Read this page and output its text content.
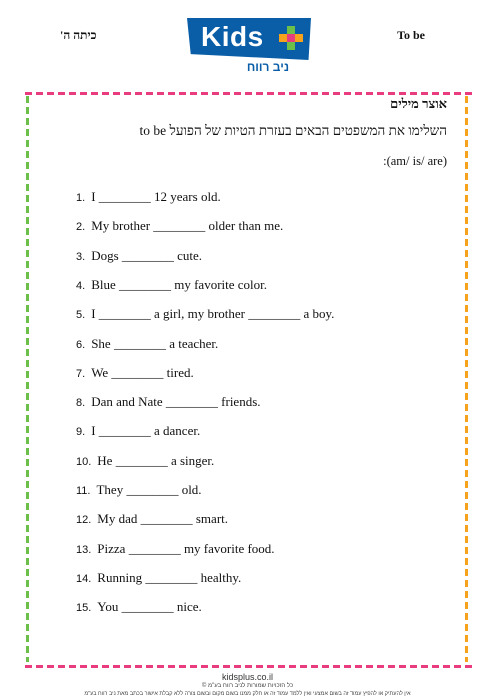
כיתה ה'	To be
Kids
ניב רווח
אוצר מילים
השלימו את המשפטים הבאים בעזרת הטיות של הפועל to be
:(am/ is/ are)
1. I ________ 12 years old.
2. My brother ________ older than me.
3. Dogs ________ cute.
4. Blue ________ my favorite color.
5. I ________ a girl, my brother ________ a boy.
6. She ________ a teacher.
7. We ________ tired.
8. Dan and Nate ________ friends.
9. I ________ a dancer.
10. He ________ a singer.
11. They ________ old.
12. My dad ________ smart.
13. Pizza ________ my favorite food.
14. Running ________ healthy.
15. You ________ nice.
kidsplus.co.il
כל הזכויות שמורות לניב רווח בע"מ ©
אין להעתיק או להפיץ עמוד זה בשום אמצעי ואין ללמד עמוד זה או חלק ממנו בשום מקום ובשום צורה ללא קבלת אישור בכתב מאת ניב רווח בע"מ
